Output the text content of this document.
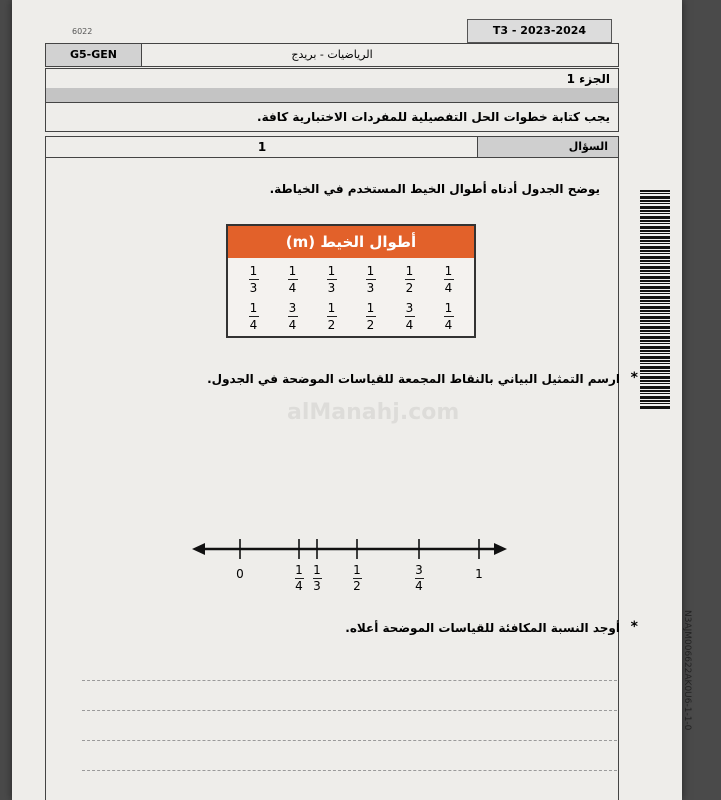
6022	T3 - 2023-2024
الرياضيات - بريدج
G5-GEN
الجزء 1
يجب كتابة خطوات الحل التفصيلية للمفردات الاختبارية كافة.
1	السؤال
يوضح الجدول أدناه أطوال الخيط المستخدم في الخياطة.
أطوال الخيط (m)
$\frac{1}{3} \frac{1}{4} \frac{1}{3} \frac{1}{3} \frac{1}{2} \frac{1}{4}$
$\frac{1}{4} \frac{3}{4} \frac{1}{2} \frac{1}{2} \frac{3}{4} \frac{1}{4}$
alManahj.com
*
ارسم التمثيل البياني بالنقاط المجمعة للقياسات الموضحة في الجدول.
0	1
4
1
3
1
2
3
4
1
*
أوجد النسبة المكافئة للقياسات الموضحة أعلاه.	N3AJM006622AK0U6-1-1-0
